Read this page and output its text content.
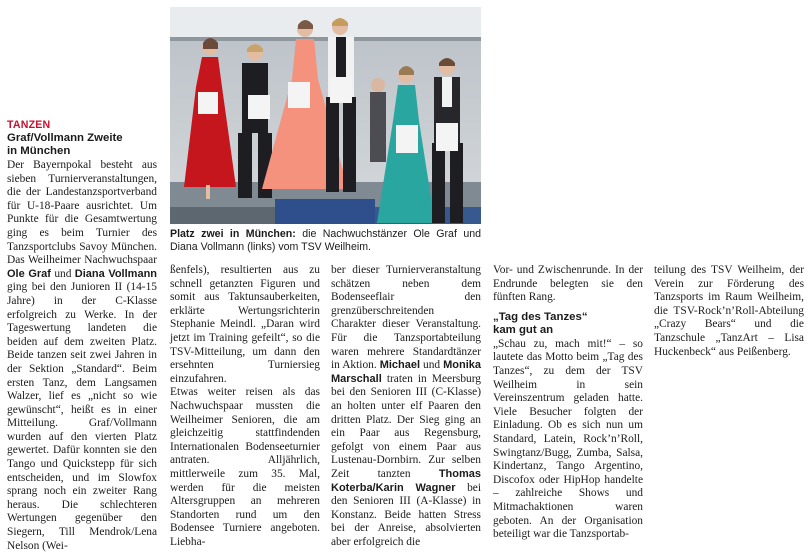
Platz zwei in München: die Nachwuchstänzer Ole Graf und Diana Vollmann (links) vom TSV Weilheim.
TANZEN
Graf/Vollmann Zweite
in München

Der Bayernpokal besteht aus sieben Turnierveranstaltungen, die der Landestanzsportverband für U-18-Paare ausrichtet. Um Punkte für die Gesamtwertung ging es beim Turnier des Tanzsportclubs Savoy München. Das Weilheimer Nachwuchspaar Ole Graf und Diana Vollmann ging bei den Junioren II (14-15 Jahre) in der C-Klasse erfolgreich zu Werke. In der Tageswertung landeten die beiden auf dem zweiten Platz. Beide tanzen seit zwei Jahren in der Sektion „Standard“. Beim ersten Tanz, dem Langsamen Walzer, lief es „nicht so wie gewünscht“, heißt es in einer Mitteilung. Graf/Vollmann wurden auf den vierten Platz gewertet. Dafür konnten sie den Tango und Quickstepp für sich entscheiden, und im Slowfox sprang noch ein zweiter Rang heraus. Die schlechteren Wertungen gegenüber den Siegern, Till Mendrok/Lena Nelson (Wei-

ßenfels), resultierten aus zu schnell getanzten Figuren und somit aus Taktunsauberkeiten, erklärte Wertungsrichterin Stephanie Meindl. „Daran wird jetzt im Training gefeilt“, so die TSV-Mitteilung, um dann den ersehnten Turniersieg einzufahren.

Etwas weiter reisen als das Nachwuchspaar mussten die Weilheimer Senioren, die am gleichzeitig stattfindenden Internationalen Bodenseeturnier antraten. Alljährlich, mittlerweile zum 35. Mal, werden für die meisten Altersgruppen an mehreren Standorten rund um den Bodensee Turniere angeboten. Liebha-

ber dieser Turnierveranstaltung schätzen neben dem Bodenseeflair den grenzüberschreitenden Charakter dieser Veranstaltung. Für die Tanzsportabteilung waren mehrere Standardtänzer in Aktion. Michael und Monika Marschall traten in Meersburg bei den Senioren III (C-Klasse) an holten unter elf Paaren den dritten Platz. Der Sieg ging an ein Paar aus Regensburg, gefolgt von einem Paar aus Lustenau-Dornbirn. Zur selben Zeit tanzten Thomas Koterba/Karin Wagner bei den Senioren III (A-Klasse) in Konstanz. Beide hatten Stress bei der Anreise, absolvierten aber erfolgreich die

Vor- und Zwischenrunde. In der Endrunde belegten sie den fünften Rang.

„Tag des Tanzes“
kam gut an

„Schau zu, mach mit!“ – so lautete das Motto beim „Tag des Tanzes“, zu dem der TSV Weilheim in sein Vereinszentrum geladen hatte. Viele Besucher folgten der Einladung. Ob es sich nun um Standard, Latein, Rock’n’Roll, Swingtanz/Bugg, Zumba, Salsa, Kindertanz, Tango Argentino, Discofox oder HipHop handelte – zahlreiche Shows und Mitmachaktionen waren geboten. An der Organisation beteiligt war die Tanzsportab-

teilung des TSV Weilheim, der Verein zur Förderung des Tanzsports im Raum Weilheim, die TSV-Rock’n’Roll-Abteilung „Crazy Bears“ und die Tanzschule „TanzArt – Lisa Huckenbeck“ aus Peißenberg.
